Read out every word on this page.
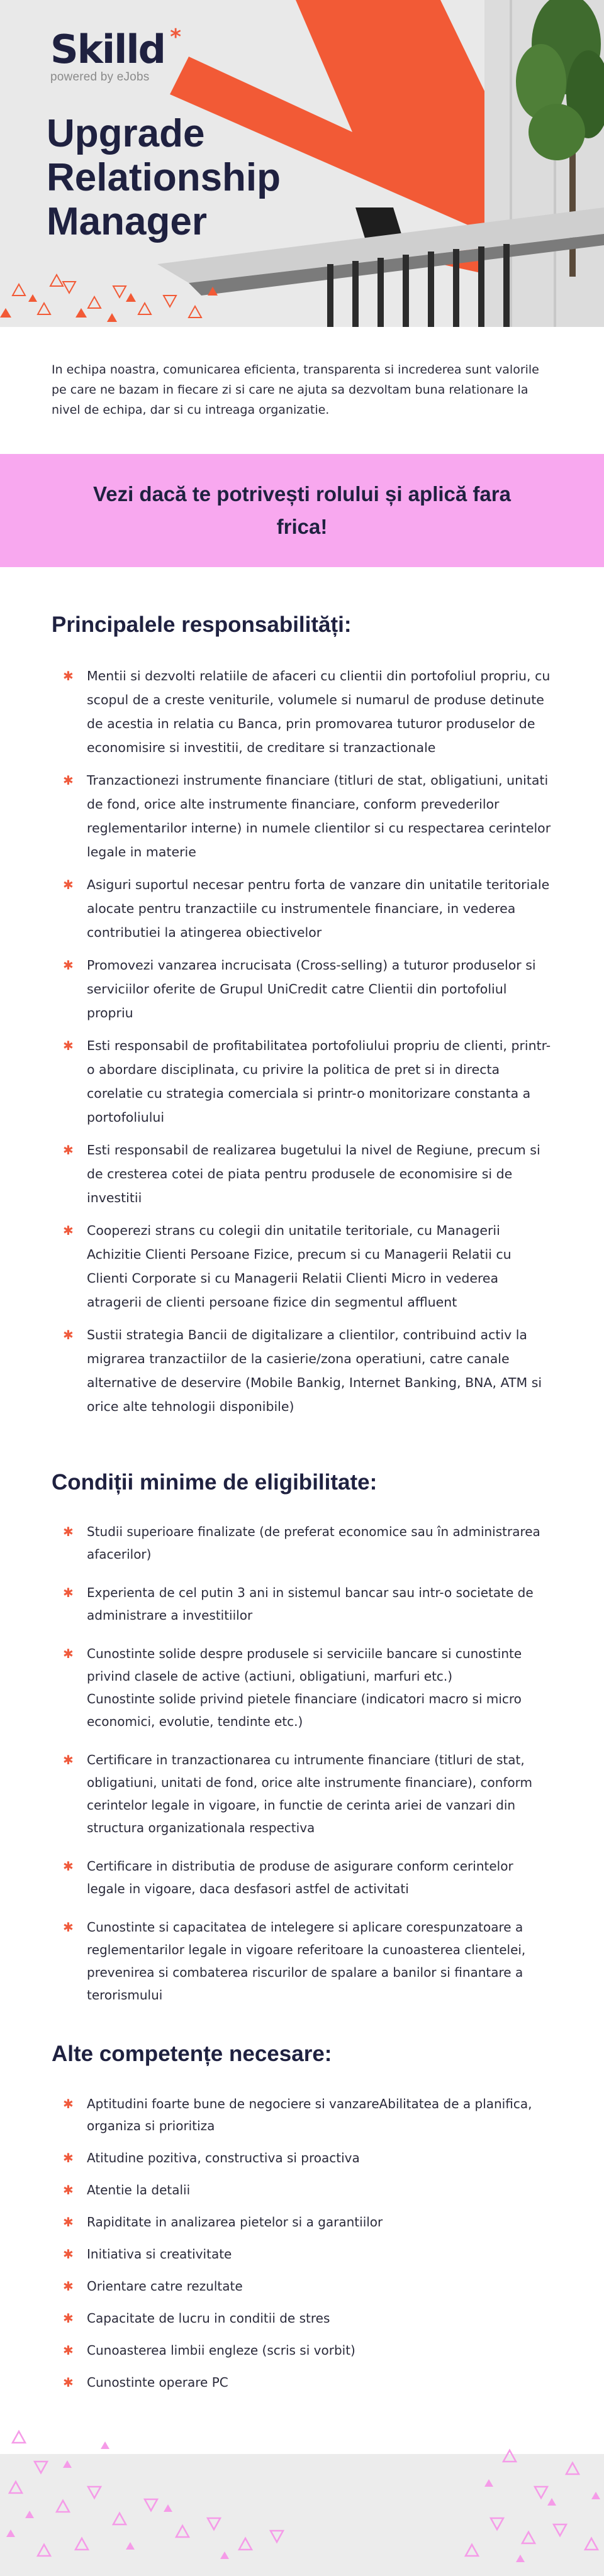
Skilld *
powered by eJobs
Upgrade
Relationship
Manager

In echipa noastra, comunicarea eficienta, transparenta si increderea sunt valorile pe care ne bazam in fiecare zi si care ne ajuta sa dezvoltam buna relationare la nivel de echipa, dar si cu intreaga organizatie.

Vezi dacă te potrivești rolului și aplică fara frica!

Principalele responsabilități:
✱ Mentii si dezvolti relatiile de afaceri cu clientii din portofoliul propriu, cu scopul de a creste veniturile, volumele si numarul de produse detinute de acestia in relatia cu Banca, prin promovarea tuturor produselor de economisire si investitii, de creditare si tranzactionale
✱ Tranzactionezi instrumente financiare (titluri de stat, obligatiuni, unitati de fond, orice alte instrumente financiare, conform prevederilor reglementarilor interne) in numele clientilor si cu respectarea cerintelor legale in materie
✱ Asiguri suportul necesar pentru forta de vanzare din unitatile teritoriale alocate pentru tranzactiile cu instrumentele financiare, in vederea contributiei la atingerea obiectivelor
✱ Promovezi vanzarea incrucisata (Cross-selling) a tuturor produselor si serviciilor oferite de Grupul UniCredit catre Clientii din portofoliul propriu
✱ Esti responsabil de profitabilitatea portofoliului propriu de clienti, printr-o abordare disciplinata, cu privire la politica de pret si in directa corelatie cu strategia comerciala si printr-o monitorizare constanta a portofoliului
✱ Esti responsabil de realizarea bugetului la nivel de Regiune, precum si de cresterea cotei de piata pentru produsele de economisire si de investitii
✱ Cooperezi strans cu colegii din unitatile teritoriale, cu Managerii Achizitie Clienti Persoane Fizice, precum si cu Managerii Relatii cu Clienti Corporate si cu Managerii Relatii Clienti Micro in vederea atragerii de clienti persoane fizice din segmentul affluent
✱ Sustii strategia Bancii de digitalizare a clientilor, contribuind activ la migrarea tranzactiilor de la casierie/zona operatiuni, catre canale alternative de deservire (Mobile Bankig, Internet Banking, BNA, ATM si orice alte tehnologii disponibile)
Condiții minime de eligibilitate:
✱ Studii superioare finalizate (de preferat economice sau în administrarea afacerilor)
✱ Experienta de cel putin 3 ani in sistemul bancar sau intr-o societate de administrare a investitiilor
✱ Cunostinte solide despre produsele si serviciile bancare si cunostinte privind clasele de active (actiuni, obligatiuni, marfuri etc.)
Cunostinte solide privind pietele financiare (indicatori macro si micro economici, evolutie, tendinte etc.)
✱ Certificare in tranzactionarea cu intrumente financiare (titluri de stat, obligatiuni, unitati de fond, orice alte instrumente financiare), conform cerintelor legale in vigoare, in functie de cerinta ariei de vanzari din structura organizationala respectiva
✱ Certificare in distributia de produse de asigurare conform cerintelor legale in vigoare, daca desfasori astfel de activitati
✱ Cunostinte si capacitatea de intelegere si aplicare corespunzatoare a reglementarilor legale in vigoare referitoare la cunoasterea clientelei, prevenirea si combaterea riscurilor de spalare a banilor si finantare a terorismului
Alte competențe necesare:
✱ Aptitudini foarte bune de negociere si vanzareAbilitatea de a planifica, organiza si prioritiza
✱ Atitudine pozitiva, constructiva si proactiva
✱ Atentie la detalii
✱ Rapiditate in analizarea pietelor si a garantiilor
✱ Initiativa si creativitate
✱ Orientare catre rezultate
✱ Capacitate de lucru in conditii de stres
✱ Cunoasterea limbii engleze (scris si vorbit)
✱ Cunostinte operare PC
